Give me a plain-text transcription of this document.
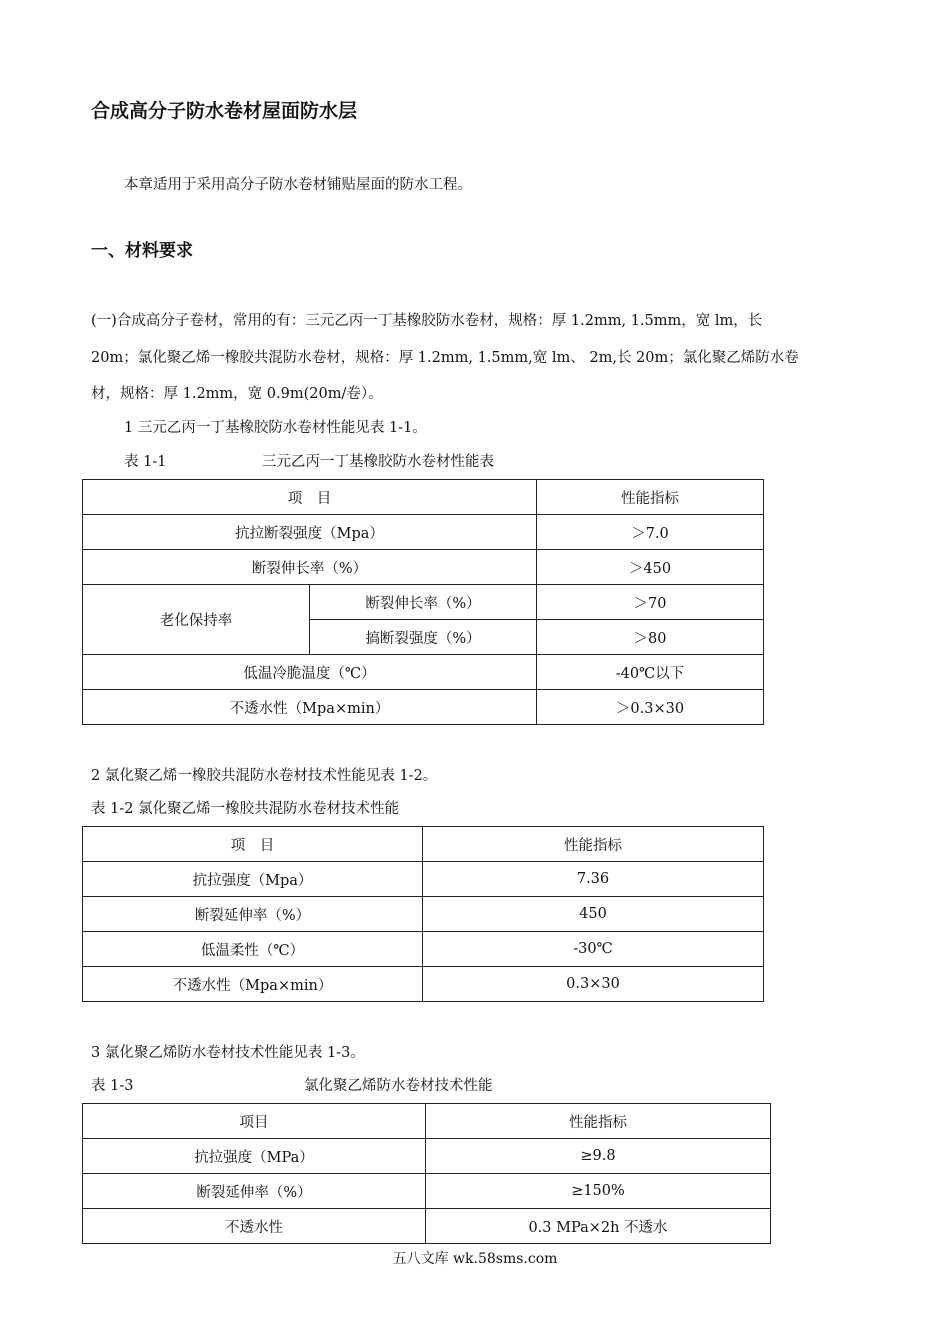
合成高分子防水卷材屋面防水层
本章适用于采用高分子防水卷材铺贴屋面的防水工程。
一、材料要求
(一)合成高分子卷材，常用的有：三元乙丙一丁基橡胶防水卷材，规格：厚 1.2mm, 1.5mm，宽 lm，长
20m；氯化聚乙烯一橡胶共混防水卷材，规格：厚 1.2mm, 1.5mm,宽 lm、 2m,长 20m；氯化聚乙烯防水卷
材，规格：厚 1.2mm，宽 0.9m(20m/卷）。
1 三元乙丙一丁基橡胶防水卷材性能见表 1-1。
表 1-1	三元乙丙一丁基橡胶防水卷材性能表
项　目		性能指标
抗拉断裂强度（Mpa）		＞7.0
断裂伸长率（%）		＞450
老化保持率	断裂伸长率（%）	＞70
	搞断裂强度（%）	＞80
低温冷脆温度（℃）		-40℃以下
不透水性（Mpa×min）		＞0.3×30
2 氯化聚乙烯一橡胶共混防水卷材技术性能见表 1-2。
表 1-2 氯化聚乙烯一橡胶共混防水卷材技术性能
项　目	性能指标
抗拉强度（Mpa）	7.36
断裂延伸率（%）	450
低温柔性（℃）	-30℃
不透水性（Mpa×min）	0.3×30
3 氯化聚乙烯防水卷材技术性能见表 1-3。
表 1-3	氯化聚乙烯防水卷材技术性能
项目	性能指标
抗拉强度（MPa）	≥9.8
断裂延伸率（%）	≥150%
不透水性	0.3 MPa×2h 不透水
五八文库 wk.58sms.com
